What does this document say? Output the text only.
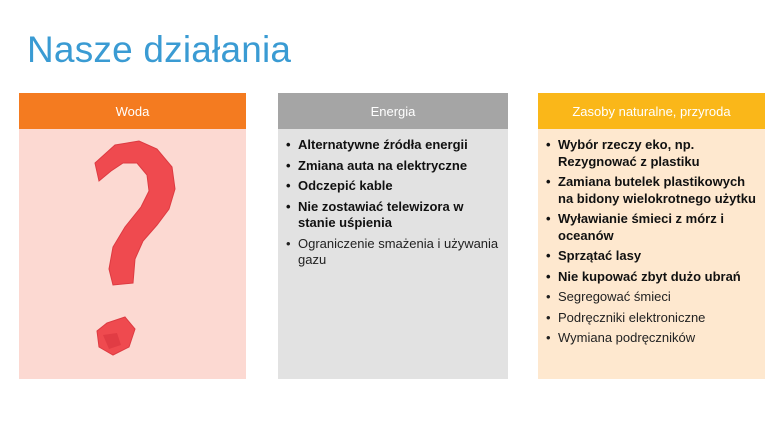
Nasze działania
Woda	Energia
• Alternatywne źródła energii
• Zmiana auta na elektryczne
• Odczepić kable
• Nie zostawiać telewizora w stanie uśpienia
• Ograniczenie smażenia i używania gazu
Zasoby naturalne, przyroda
• Wybór rzeczy eko, np. Rezygnować z plastiku
• Zamiana butelek plastikowych na bidony wielokrotnego użytku
• Wyławianie śmieci z mórz i oceanów
• Sprzątać lasy
• Nie kupować zbyt dużo ubrań
• Segregować śmieci
• Podręczniki elektroniczne
• Wymiana podręczników
